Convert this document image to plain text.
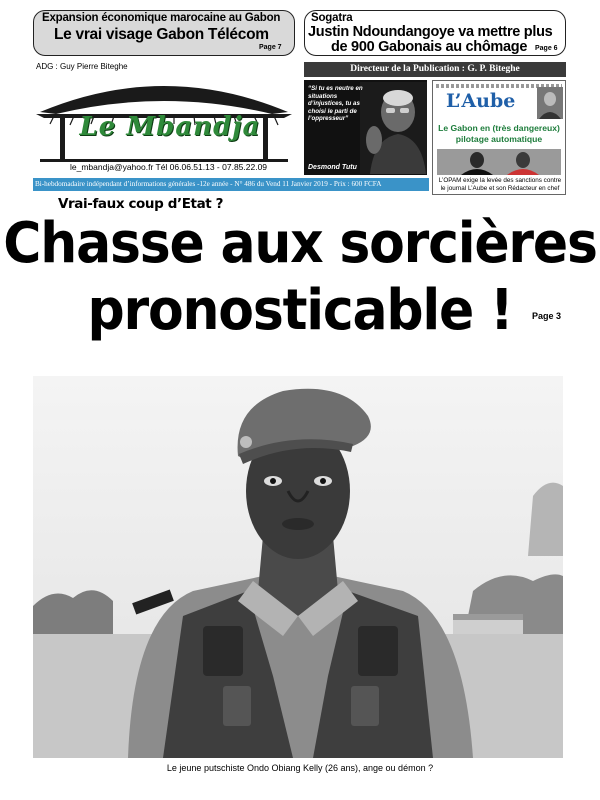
Expansion économique marocaine au Gabon
Le vrai visage Gabon Télécom
Page 7
Sogatra
Justin Ndoundangoye va mettre plus
de 900 Gabonais au chômage Page 6
ADG : Guy Pierre Biteghe
Le Mbandja
le_mbandja@yahoo.fr Tél 06.06.51.13 - 07.85.22.09
Directeur de la Publication : G. P. Biteghe
“Si tu es neutre en situations d’injustices, tu as choisi le parti de l’oppresseur”
Desmond Tutu
L’Aube
Le Gabon en (très dangereux) pilotage automatique
L’OPAM exige la levée des sanctions contre le journal L’Aube et son Rédacteur en chef
Bi-hebdomadaire indépendant d’informations générales -12e année - N° 486 du Vend 11 Janvier 2019 - Prix : 600 FCFA
Vrai-faux coup d’Etat ?
Chasse aux sorcières
pronosticable !	Page 3
Le jeune putschiste Ondo Obiang Kelly (26 ans), ange ou démon ?
